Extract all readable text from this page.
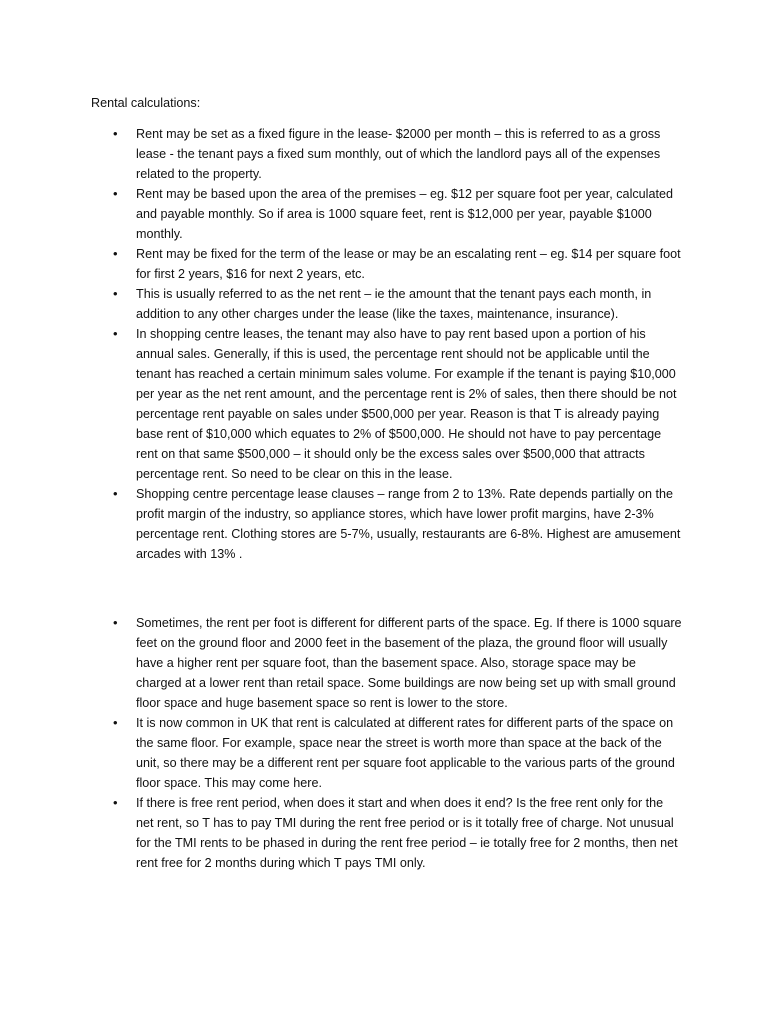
Rental calculations:
• Rent may be set as a fixed figure in the lease- $2000 per month – this is referred to as a gross lease - the tenant pays a fixed sum monthly, out of which the landlord pays all of the expenses related to the property.
• Rent may be based upon the area of the premises – eg. $12 per square foot per year, calculated and payable monthly. So if area is 1000 square feet, rent is $12,000 per year, payable $1000 monthly.
• Rent may be fixed for the term of the lease or may be an escalating rent – eg. $14 per square foot for first 2 years, $16 for next 2 years, etc.
• This is usually referred to as the net rent – ie the amount that the tenant pays each month, in addition to any other charges under the lease (like the taxes, maintenance, insurance).
• In shopping centre leases, the tenant may also have to pay rent based upon a portion of his annual sales. Generally, if this is used, the percentage rent should not be applicable until the tenant has reached a certain minimum sales volume. For example if the tenant is paying $10,000 per year as the net rent amount, and the percentage rent is 2% of sales, then there should be not percentage rent payable on sales under $500,000 per year. Reason is that T is already paying base rent of $10,000 which equates to 2% of $500,000. He should not have to pay percentage rent on that same $500,000 – it should only be the excess sales over $500,000 that attracts percentage rent. So need to be clear on this in the lease.
• Shopping centre percentage lease clauses – range from 2 to 13%. Rate depends partially on the profit margin of the industry, so appliance stores, which have lower profit margins, have 2-3% percentage rent. Clothing stores are 5-7%, usually, restaurants are 6-8%. Highest are amusement arcades with 13% .
• Sometimes, the rent per foot is different for different parts of the space. Eg. If there is 1000 square feet on the ground floor and 2000 feet in the basement of the plaza, the ground floor will usually have a higher rent per square foot, than the basement space. Also, storage space may be charged at a lower rent than retail space. Some buildings are now being set up with small ground floor space and huge basement space so rent is lower to the store.
• It is now common in UK that rent is calculated at different rates for different parts of the space on the same floor. For example, space near the street is worth more than space at the back of the unit, so there may be a different rent per square foot applicable to the various parts of the ground floor space. This may come here.
• If there is free rent period, when does it start and when does it end? Is the free rent only for the net rent, so T has to pay TMI during the rent free period or is it totally free of charge. Not unusual for the TMI rents to be phased in during the rent free period – ie totally free for 2 months, then net rent free for 2 months during which T pays TMI only.
